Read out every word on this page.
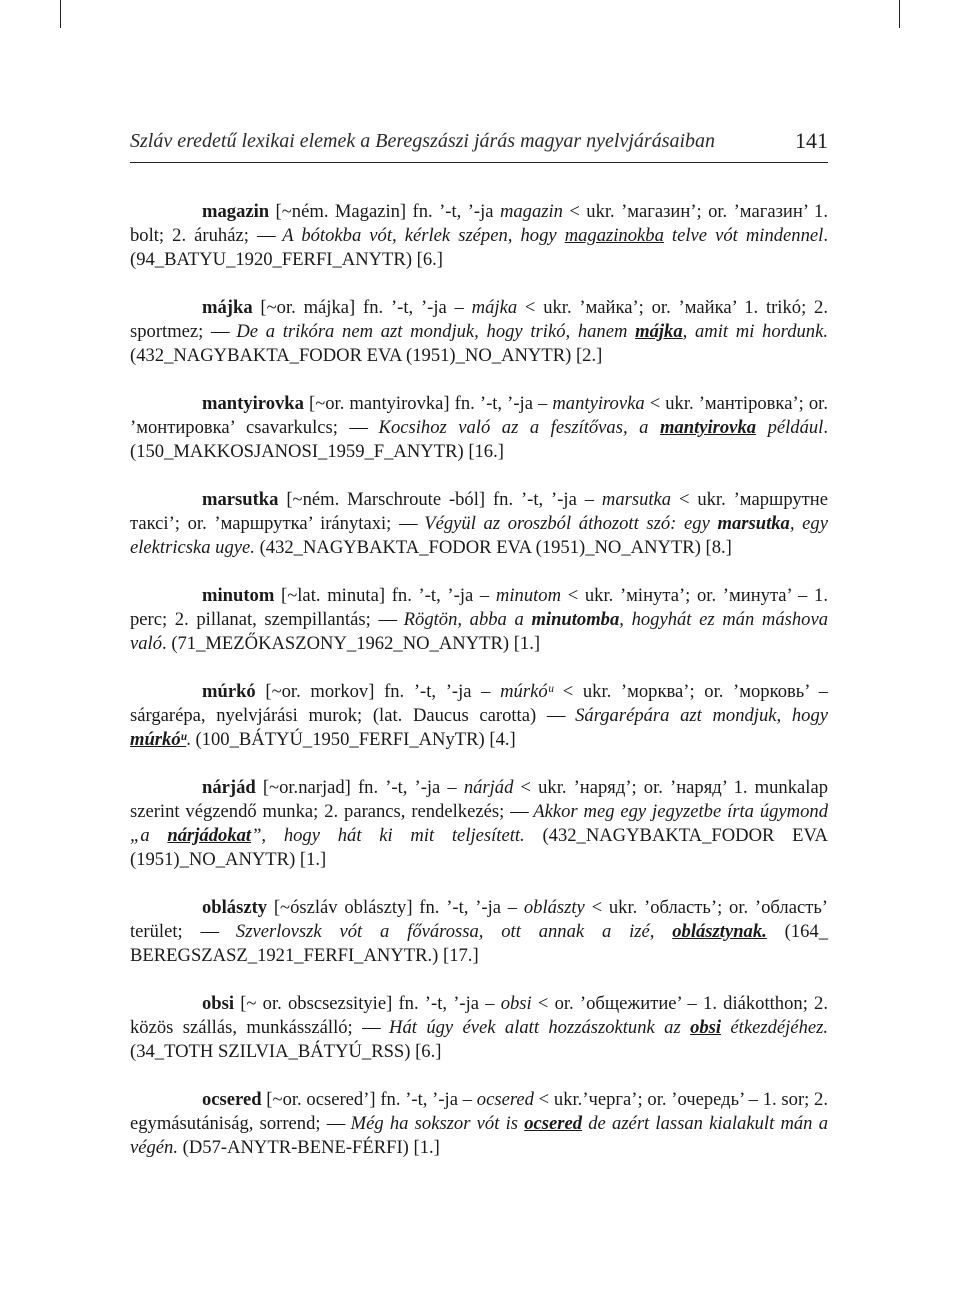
Szláv eredetű lexikai elemek a Beregszászi járás magyar nyelvjárásaiban	141

magazin [~ném. Magazin] fn. ’-t, ’-ja magazin < ukr. ’магазин’; or. ’магазин’ 1. bolt; 2. áruház; — A bótokba vót, kérlek szépen, hogy magazinokba telve vót mindennel. (94_BATYU_1920_FERFI_ANYTR) [6.]

májka [~or. májka] fn. ’-t, ’-ja – májka < ukr. ’майка’; or. ’майка’ 1. trikó; 2. sportmez; — De a trikóra nem azt mondjuk, hogy trikó, hanem májka, amit mi hordunk. (432_NAGYBAKTA_FODOR EVA (1951)_NO_ANYTR) [2.]

mantyirovka [~or. mantyirovka] fn. ’-t, ’-ja – mantyirovka < ukr. ’мантіровка’; or. ’монтировка’ csavarkulcs; — Kocsihoz való az a feszítővas, a mantyirovka például. (150_MAKKOSJANOSI_1959_F_ANYTR) [16.]

marsutka [~ném. Marschroute -ból] fn. ’-t, ’-ja – marsutka < ukr. ’маршрутне таксі’; or. ’маршрутка’ iránytaxi; — Végyül az oroszból áthozott szó: egy marsutka, egy elektricska ugye. (432_NAGYBAKTA_FODOR EVA (1951)_NO_ANYTR) [8.]

minutom [~lat. minuta] fn. ’-t, ’-ja – minutom < ukr. ’мінута’; or. ’минута’ – 1. perc; 2. pillanat, szempillantás; — Rögtön, abba a minutomba, hogyhát ez mán máshova való. (71_MEZŐKASZONY_1962_NO_ANYTR) [1.]

múrkó [~or. morkov] fn. ’-t, ’-ja – múrkóᵘ < ukr. ’морква’; or. ’морковь’ – sárgarépa, nyelvjárási murok; (lat. Daucus carotta) — Sárgarépára azt mondjuk, hogy múrkóᵘ. (100_BÁTYÚ_1950_FERFI_ANyTR) [4.]

nárjád [~or.narjad] fn. ’-t, ’-ja – nárjád < ukr. ’наряд’; or. ’наряд’ 1. munkalap szerint végzendő munka; 2. parancs, rendelkezés; — Akkor meg egy jegyzetbe írta úgymond „a nárjádokat”, hogy hát ki mit teljesített. (432_NAGYBAKTA_FODOR EVA (1951)_NO_ANYTR) [1.]

oblászty [~ószláv oblászty] fn. ’-t, ’-ja – oblászty < ukr. ’область’; or. ’область’ terület; — Szverlovszk vót a fővárossa, ott annak a izé, oblásztynak. (164_ BEREGSZASZ_1921_FERFI_ANYTR.) [17.]

obsi [~ or. obscsezsityie] fn. ’-t, ’-ja – obsi < or. ’общежитие’ – 1. diákotthon; 2. közös szállás, munkásszálló; — Hát úgy évek alatt hozzászoktunk az obsi étkezdéjéhez. (34_TOTH SZILVIA_BÁTYÚ_RSS) [6.]

ocsered [~or. ocsered’] fn. ’-t, ’-ja – ocsered < ukr.’черга’; or. ’очередь’ – 1. sor; 2. egymásutániság, sorrend; — Még ha sokszor vót is ocsered de azért lassan kialakult mán a végén. (D57-ANYTR-BENE-FÉRFI) [1.]
